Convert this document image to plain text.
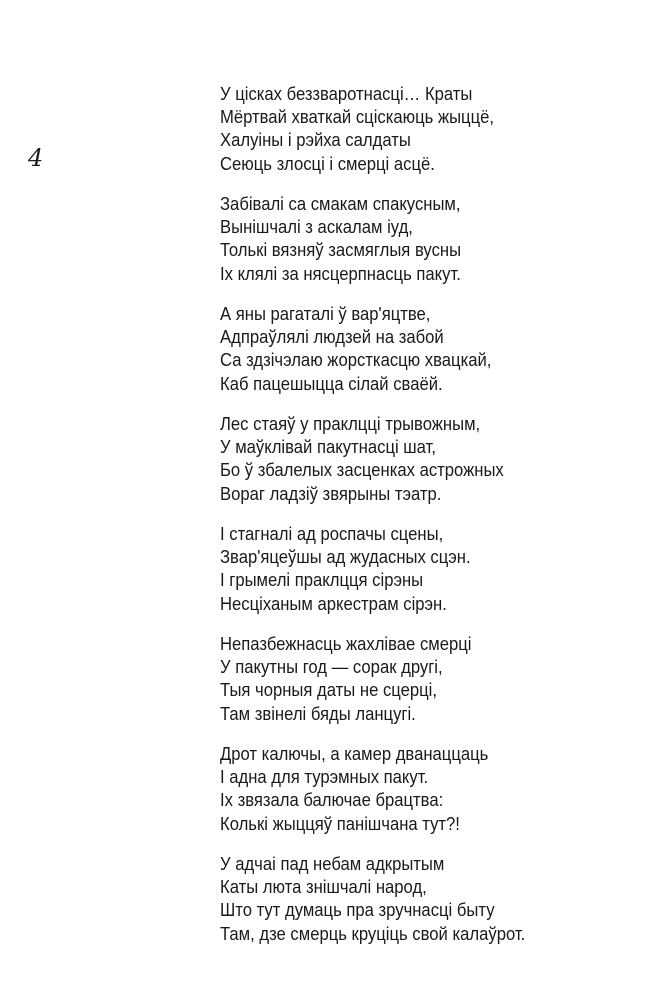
4
У цісках беззваротнасці… Краты
Мёртвай хваткай сціскаюць жыццё,
Халуіны і рэйха салдаты
Сеюць злосці і смерці асцё.
Забівалі са смакам спакусным,
Вынішчалі з аскалам іуд,
Толькі вязняў засмяглыя вусны
Іх клялі за нясцерпнасць пакут.
А яны рагаталі ў вар'яцтве,
Адпраўлялі людзей на забой
Са здзічэлаю жорсткасцю хвацкай,
Каб пацешыцца сілай сваёй.
Лес стаяў у праклцці трывожным,
У маўклівай пакутнасці шат,
Бо ў збалелых засценках астрожных
Вораг ладзіў звярыны тэатр.
І стагналі ад роспачы сцены,
Звар'яцеўшы ад жудасных сцэн.
І грымелі праклцця сірэны
Несціханым аркестрам сірэн.
Непазбежнасць жахлівае смерці
У пакутны год — сорак другі,
Тыя чорныя даты не сцерці,
Там звінелі бяды ланцугі.
Дрот калючы, а камер дванаццаць
І адна для турэмных пакут.
Іх звязала балючае брацтва:
Колькі жыццяў панішчана тут?!
У адчаі пад небам адкрытым
Каты люта знішчалі народ,
Што тут думаць пра зручнасці быту
Там, дзе смерць круціць свой калаўрот.
